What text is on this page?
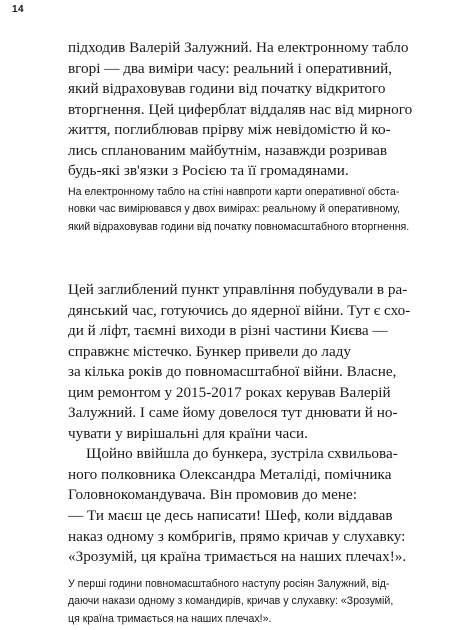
14
підходив Валерій Залужний. На електронному табло
вгорі — два виміри часу: реальний і оперативний,
який відраховував години від початку відкритого
вторгнення. Цей циферблат віддаляв нас від мирного
життя, поглиблював прірву між невідомістю й ко-
лись спланованим майбутнім, назавжди розривав
будь-які зв'язки з Росією та її громадянами.
На електронному табло на стіні навпроти карти оперативної обста-
новки час вимірювався у двох вимірах: реальному й оперативному,
який відраховував години від початку повномасштабного вторгнення.
Цей заглиблений пункт управління побудували в ра-
дянський час, готуючись до ядерної війни. Тут є схо-
ди й ліфт, таємні виходи в різні частини Києва —
справжнє містечко. Бункер привели до ладу
за кілька років до повномасштабної війни. Власне,
цим ремонтом у 2015-2017 роках керував Валерій
Залужний. І саме йому довелося тут днювати й но-
чувати у вирішальні для країни часи.
Щойно ввійшла до бункера, зустріла схвильова-
ного полковника Олександра Металіді, помічника
Головнокомандувача. Він промовив до мене:
— Ти маєш це десь написати! Шеф, коли віддавав
наказ одному з комбригів, прямо кричав у слухавку:
«Зрозумій, ця країна тримається на наших плечах!».
У перші години повномасштабного наступу росіян Залужний, від-
даючи накази одному з командирів, кричав у слухавку: «Зрозумій,
ця країна тримається на наших плечах!».
